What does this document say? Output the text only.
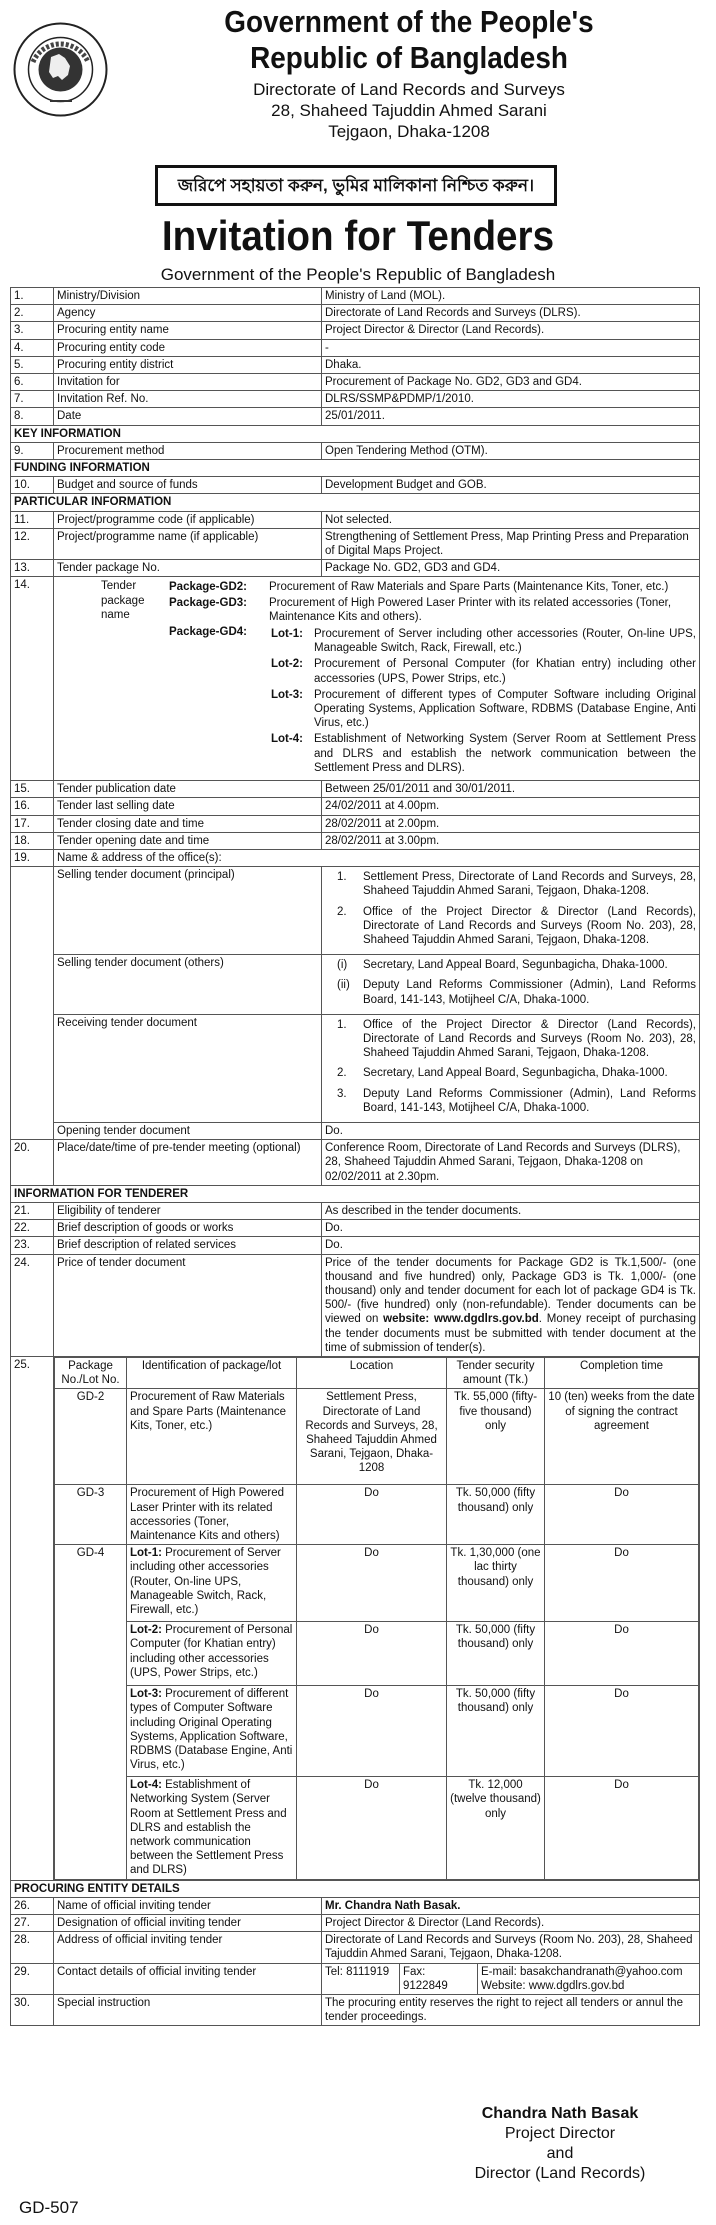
Government of the People's
Republic of Bangladesh
Directorate of Land Records and Surveys
28, Shaheed Tajuddin Ahmed Sarani
Tejgaon, Dhaka-1208
জরিপে সহায়তা করুন, ভুমির মালিকানা নিশ্চিত করুন।
Invitation for Tenders
Government of the People's Republic of Bangladesh
1.	Ministry/Division	Ministry of Land (MOL).
2.	Agency	Directorate of Land Records and Surveys (DLRS).
3.	Procuring entity name	Project Director & Director (Land Records).
4.	Procuring entity code	-
5.	Procuring entity district	Dhaka.
6.	Invitation for	Procurement of Package No. GD2, GD3 and GD4.
7.	Invitation Ref. No.	DLRS/SSMP&PDMP/1/2010.
8.	Date	25/01/2011.
KEY INFORMATION
9.	Procurement method	Open Tendering Method (OTM).
FUNDING INFORMATION
10.	Budget and source of funds	Development Budget and GOB.
PARTICULAR INFORMATION
11.	Project/programme code (if applicable)	Not selected.
12.	Project/programme name (if applicable)	Strengthening of Settlement Press, Map Printing Press and Preparation of Digital Maps Project.
13.	Tender package No.	Package No. GD2, GD3 and GD4.
14.	Tender package
name
Package-GD2:	Procurement of Raw Materials and Spare Parts (Maintenance Kits, Toner, etc.)
Package-GD3:	Procurement of High Powered Laser Printer with its related accessories (Toner, Maintenance Kits and others).
Package-GD4:	Lot-1: Procurement of Server including other accessories (Router, On-line UPS, Manageable Switch, Rack, Firewall, etc.)
Lot-2: Procurement of Personal Computer (for Khatian entry) including other accessories (UPS, Power Strips, etc.)
Lot-3: Procurement of different types of Computer Software including Original Operating Systems, Application Software, RDBMS (Database Engine, Anti Virus, etc.)
Lot-4: Establishment of Networking System (Server Room at Settlement Press and DLRS and establish the network communication between the Settlement Press and DLRS).

15.	Tender publication date	Between 25/01/2011 and 30/01/2011.
16.	Tender last selling date	24/02/2011 at 4.00pm.
17.	Tender closing date and time	28/02/2011 at 2.00pm.
18.	Tender opening date and time	28/02/2011 at 3.00pm.
19.	Name & address of the office(s):
	Selling tender document (principal)	1.	Settlement Press, Directorate of Land Records and Surveys, 28, Shaheed Tajuddin Ahmed Sarani, Tejgaon, Dhaka-1208.
2.	Office of the Project Director & Director (Land Records), Directorate of Land Records and Surveys (Room No. 203), 28, Shaheed Tajuddin Ahmed Sarani, Tejgaon, Dhaka-1208.

	Selling tender document (others)	(i)	Secretary, Land Appeal Board, Segunbagicha, Dhaka-1000.
(ii)	Deputy Land Reforms Commissioner (Admin), Land Reforms Board, 141-143, Motijheel C/A, Dhaka-1000.

	Receiving tender document	1.	Office of the Project Director & Director (Land Records), Directorate of Land Records and Surveys (Room No. 203), 28, Shaheed Tajuddin Ahmed Sarani, Tejgaon, Dhaka-1208.
2.	Secretary, Land Appeal Board, Segunbagicha, Dhaka-1000.
3.	Deputy Land Reforms Commissioner (Admin), Land Reforms Board, 141-143, Motijheel C/A, Dhaka-1000.

	Opening tender document	Do.
20.	Place/date/time of pre-tender meeting (optional)	Conference Room, Directorate of Land Records and Surveys (DLRS), 28, Shaheed Tajuddin Ahmed Sarani, Tejgaon, Dhaka-1208 on 02/02/2011 at 2.30pm.
INFORMATION FOR TENDERER
21.	Eligibility of tenderer	As described in the tender documents.
22.	Brief description of goods or works	Do.
23.	Brief description of related services	Do.
24.	Price of tender document	Price of the tender documents for Package GD2 is Tk.1,500/- (one thousand and five hundred) only, Package GD3 is Tk. 1,000/- (one thousand) only and tender document for each lot of package GD4 is Tk. 500/- (five hundred) only (non-refundable). Tender documents can be viewed on website: www.dgdlrs.gov.bd. Money receipt of purchasing the tender documents must be submitted with tender document at the time of submission of tender(s).
25.		Package No./Lot No.	Identification of package/lot	Location	Tender security amount (Tk.)	Completion time
GD-2	Procurement of Raw Materials and Spare Parts (Maintenance Kits, Toner, etc.)	Settlement Press, Directorate of Land Records and Surveys, 28, Shaheed Tajuddin Ahmed Sarani, Tejgaon, Dhaka-1208	Tk. 55,000 (fifty-five thousand) only	10 (ten) weeks from the date of signing the contract agreement
GD-3	Procurement of High Powered Laser Printer with its related accessories (Toner, Maintenance Kits and others)	Do	Tk. 50,000 (fifty thousand) only	Do
GD-4	Lot-1: Procurement of Server including other accessories (Router, On-line UPS, Manageable Switch, Rack, Firewall, etc.)	Do	Tk. 1,30,000 (one lac thirty thousand) only	Do
	Lot-2: Procurement of Personal Computer (for Khatian entry) including other accessories (UPS, Power Strips, etc.)	Do	Tk. 50,000 (fifty thousand) only	Do
	Lot-3: Procurement of different types of Computer Software including Original Operating Systems, Application Software, RDBMS (Database Engine, Anti Virus, etc.)	Do	Tk. 50,000 (fifty thousand) only	Do
	Lot-4: Establishment of Networking System (Server Room at Settlement Press and DLRS and establish the network communication between the Settlement Press and DLRS)	Do	Tk. 12,000 (twelve thousand) only	Do

PROCURING ENTITY DETAILS
26.	Name of official inviting tender	Mr. Chandra Nath Basak.
27.	Designation of official inviting tender	Project Director & Director (Land Records).
28.	Address of official inviting tender	Directorate of Land Records and Surveys (Room No. 203), 28, Shaheed Tajuddin Ahmed Sarani, Tejgaon, Dhaka-1208.
29.	Contact details of official inviting tender	Tel: 8111919	Fax:
9122849
E-mail: basakchandranath@yahoo.com
Website: www.dgdlrs.gov.bd

30.	Special instruction	The procuring entity reserves the right to reject all tenders or annul the tender proceedings.
Chandra Nath Basak
Project Director
and
Director (Land Records)
GD-507
